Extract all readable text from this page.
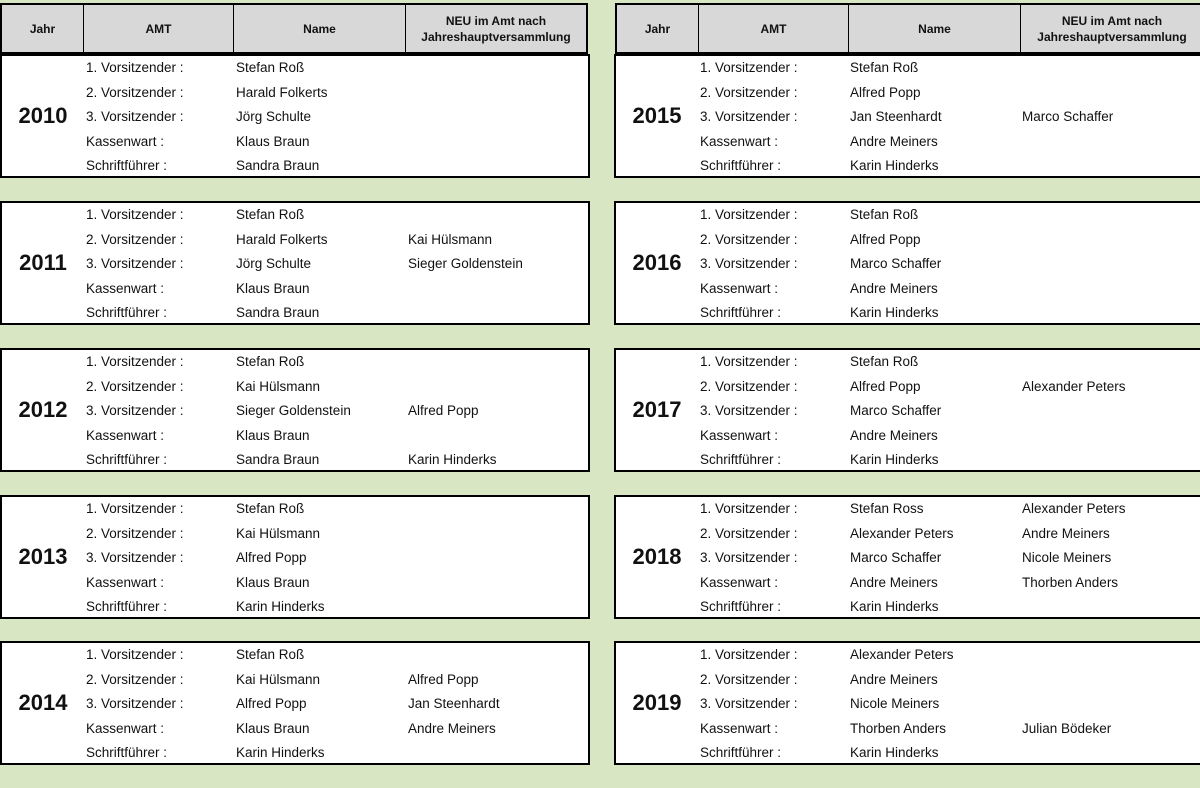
Jahr	AMT	Name
NEU im Amt nach
Jahreshauptversammlung
Jahr	AMT	Name
NEU im Amt nach
Jahreshauptversammlung
2010
1. Vorsitzender :	Stefan Roß
2. Vorsitzender :	Harald Folkerts
3. Vorsitzender :	Jörg Schulte
Kassenwart :	Klaus Braun
Schriftführer :	Sandra Braun
2011
1. Vorsitzender :	Stefan Roß
2. Vorsitzender :	Harald Folkerts	Kai Hülsmann
3. Vorsitzender :	Jörg Schulte	Sieger Goldenstein
Kassenwart :	Klaus Braun
Schriftführer :	Sandra Braun
2012
1. Vorsitzender :	Stefan Roß
2. Vorsitzender :	Kai Hülsmann
3. Vorsitzender :	Sieger Goldenstein	Alfred Popp
Kassenwart :	Klaus Braun
Schriftführer :	Sandra Braun	Karin Hinderks
2013
1. Vorsitzender :	Stefan Roß
2. Vorsitzender :	Kai Hülsmann
3. Vorsitzender :	Alfred Popp
Kassenwart :	Klaus Braun
Schriftführer :	Karin Hinderks
2014
1. Vorsitzender :	Stefan Roß
2. Vorsitzender :	Kai Hülsmann	Alfred Popp
3. Vorsitzender :	Alfred Popp	Jan Steenhardt
Kassenwart :	Klaus Braun	Andre Meiners
Schriftführer :	Karin Hinderks
2015
1. Vorsitzender :	Stefan Roß
2. Vorsitzender :	Alfred Popp
3. Vorsitzender :	Jan Steenhardt	Marco Schaffer
Kassenwart :	Andre Meiners
Schriftführer :	Karin Hinderks
2016
1. Vorsitzender :	Stefan Roß
2. Vorsitzender :	Alfred Popp
3. Vorsitzender :	Marco Schaffer
Kassenwart :	Andre Meiners
Schriftführer :	Karin Hinderks
2017
1. Vorsitzender :	Stefan Roß
2. Vorsitzender :	Alfred Popp	Alexander Peters
3. Vorsitzender :	Marco Schaffer
Kassenwart :	Andre Meiners
Schriftführer :	Karin Hinderks
2018
1. Vorsitzender :	Stefan Ross	Alexander Peters
2. Vorsitzender :	Alexander Peters	Andre Meiners
3. Vorsitzender :	Marco Schaffer	Nicole Meiners
Kassenwart :	Andre Meiners	Thorben Anders
Schriftführer :	Karin Hinderks
2019
1. Vorsitzender :	Alexander Peters
2. Vorsitzender :	Andre Meiners
3. Vorsitzender :	Nicole Meiners
Kassenwart :	Thorben Anders	Julian Bödeker
Schriftführer :	Karin Hinderks
